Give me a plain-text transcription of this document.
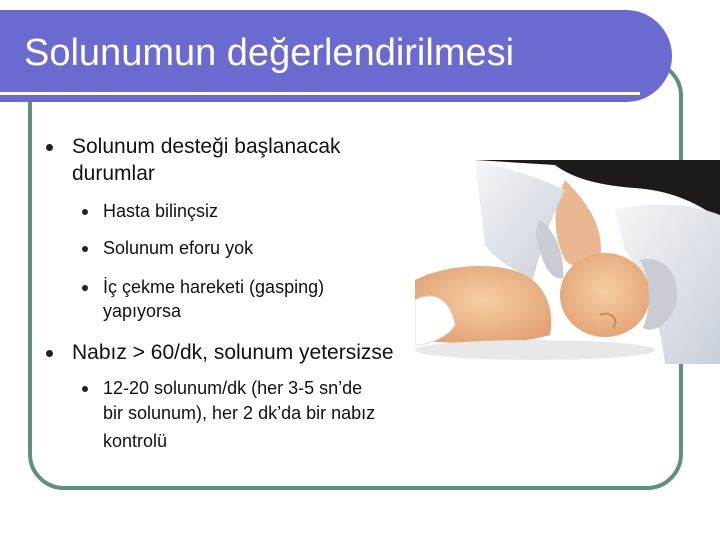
Solunumun değerlendirilmesi
Solunum desteği başlanacak
durumlar
Hasta bilinçsiz
Solunum eforu yok
İç çekme hareketi (gasping)
yapıyorsa
Nabız > 60/dk, solunum yetersizse
12-20 solunum/dk (her 3-5 sn’de
bir solunum), her 2 dk’da bir nabız
kontrolü
